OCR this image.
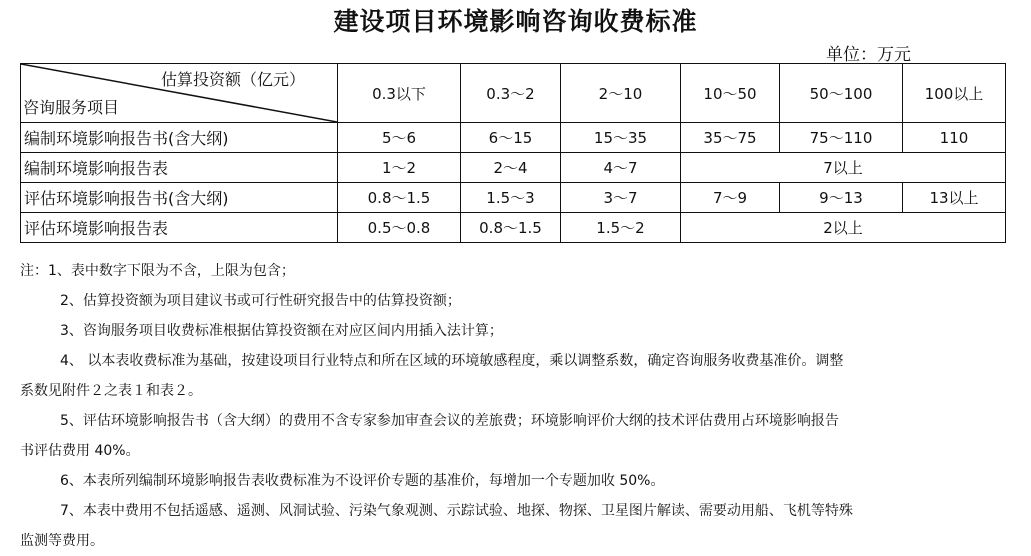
建设项目环境影响咨询收费标准
单位：万元
估算投资额（亿元）
咨询服务项目	0.3以下	0.3～2	2～10	10～50	50～100	100以上
编制环境影响报告书(含大纲)	5～6	6～15	15～35	35～75	75～110	110
编制环境影响报告表	1～2	2～4	4～7	7以上		
评估环境影响报告书(含大纲)	0.8～1.5	1.5～3	3～7	7～9	9～13	13以上
评估环境影响报告表	0.5～0.8	0.8～1.5	1.5～2	2以上		

注：1、表中数字下限为不含，上限为包含；

2、估算投资额为项目建议书或可行性研究报告中的估算投资额；

3、咨询服务项目收费标准根据估算投资额在对应区间内用插入法计算；

4、 以本表收费标准为基础，按建设项目行业特点和所在区域的环境敏感程度，乘以调整系数，确定咨询服务收费基准价。调整

系数见附件２之表１和表２。

5、评估环境影响报告书（含大纲）的费用不含专家参加审查会议的差旅费；环境影响评价大纲的技术评估费用占环境影响报告

书评估费用 40%。

6、本表所列编制环境影响报告表收费标准为不设评价专题的基准价，每增加一个专题加收 50%。

7、本表中费用不包括遥感、遥测、风洞试验、污染气象观测、示踪试验、地探、物探、卫星图片解读、需要动用船、飞机等特殊

监测等费用。
